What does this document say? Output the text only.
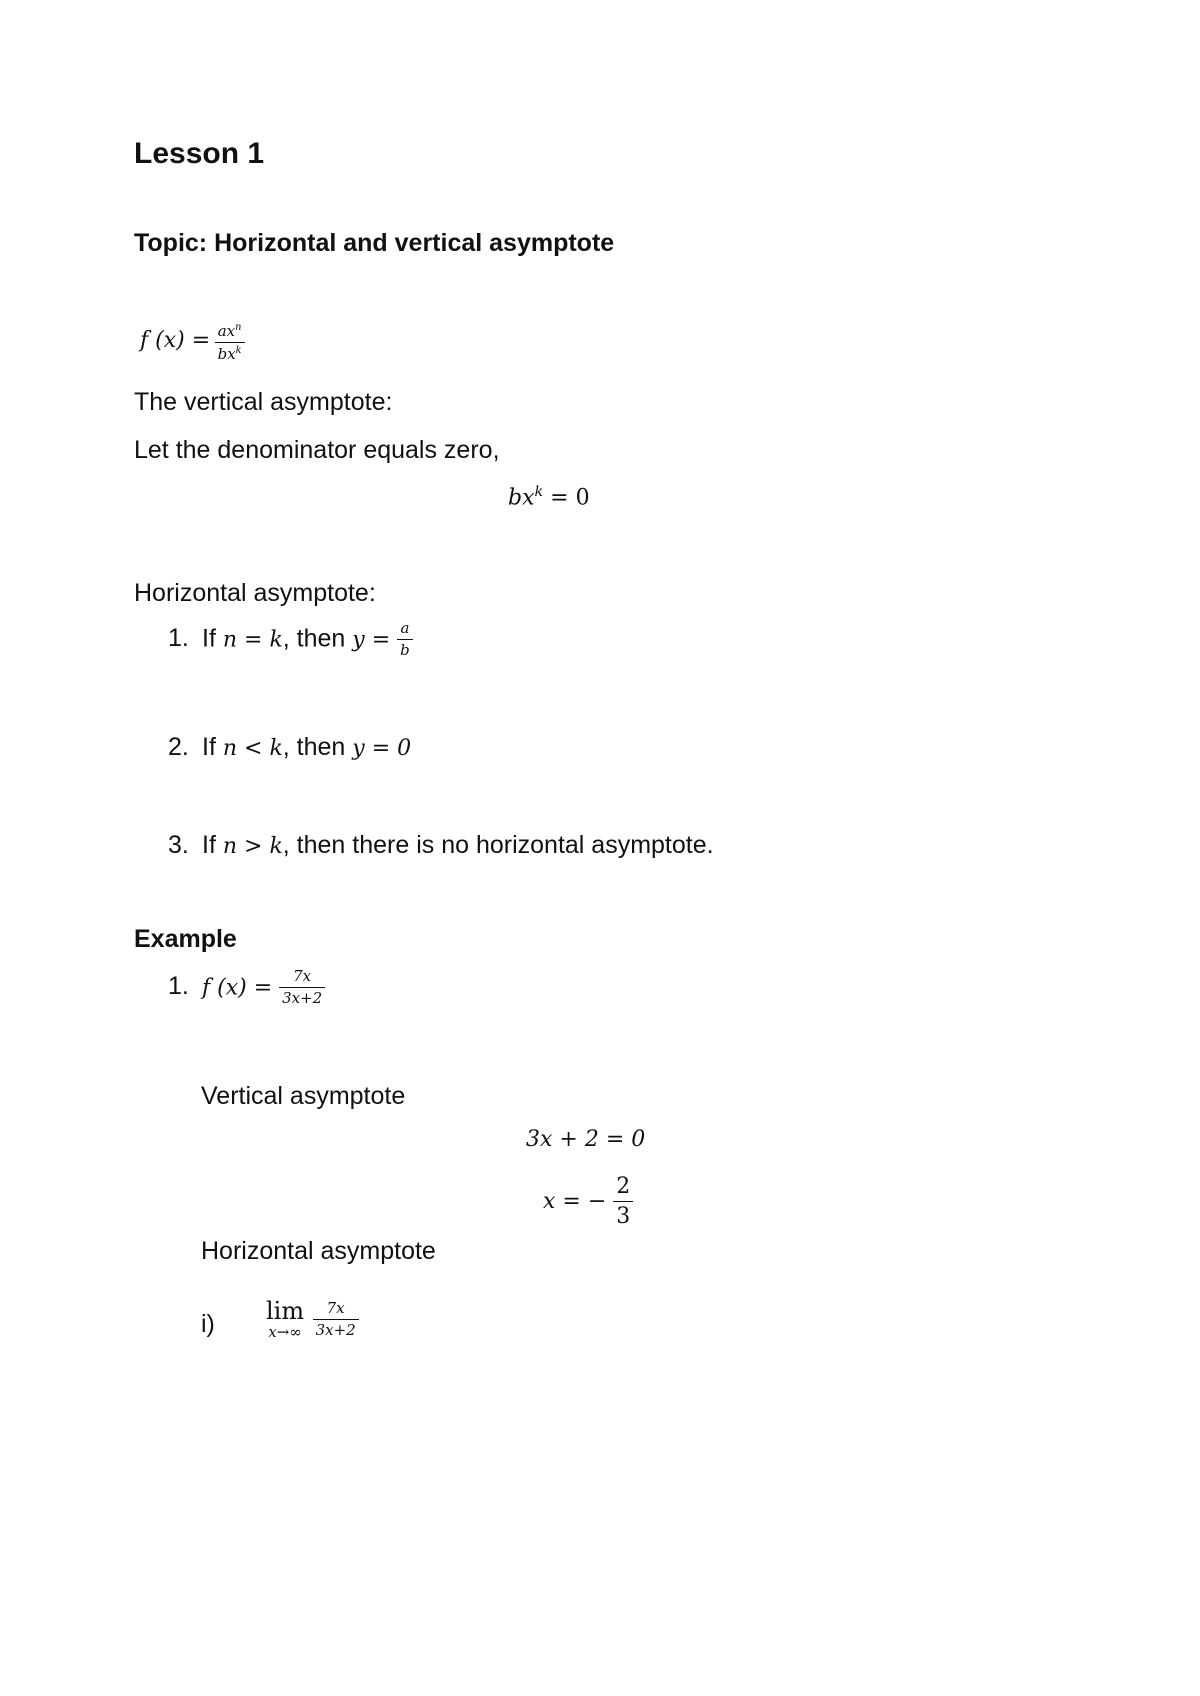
Lesson 1
Topic: Horizontal and vertical asymptote
f $(x) = \frac{ax^n}{bx^k}$
The vertical asymptote:
Let the denominator equals zero,
$bx^k = 0$
Horizontal asymptote:
1. If n = k, then $y = \frac{a}{b}$
2. If n < k, then y = 0
3. If n > k, then there is no horizontal asymptote.
Example
1. f $(x) = \frac{7x}{3x+2}$
Vertical asymptote
3x + 2 = 0
x = − $\frac{2}{3}$
Horizontal asymptote
i) lim
x→∞
$\frac{7x}{3x+2}$
